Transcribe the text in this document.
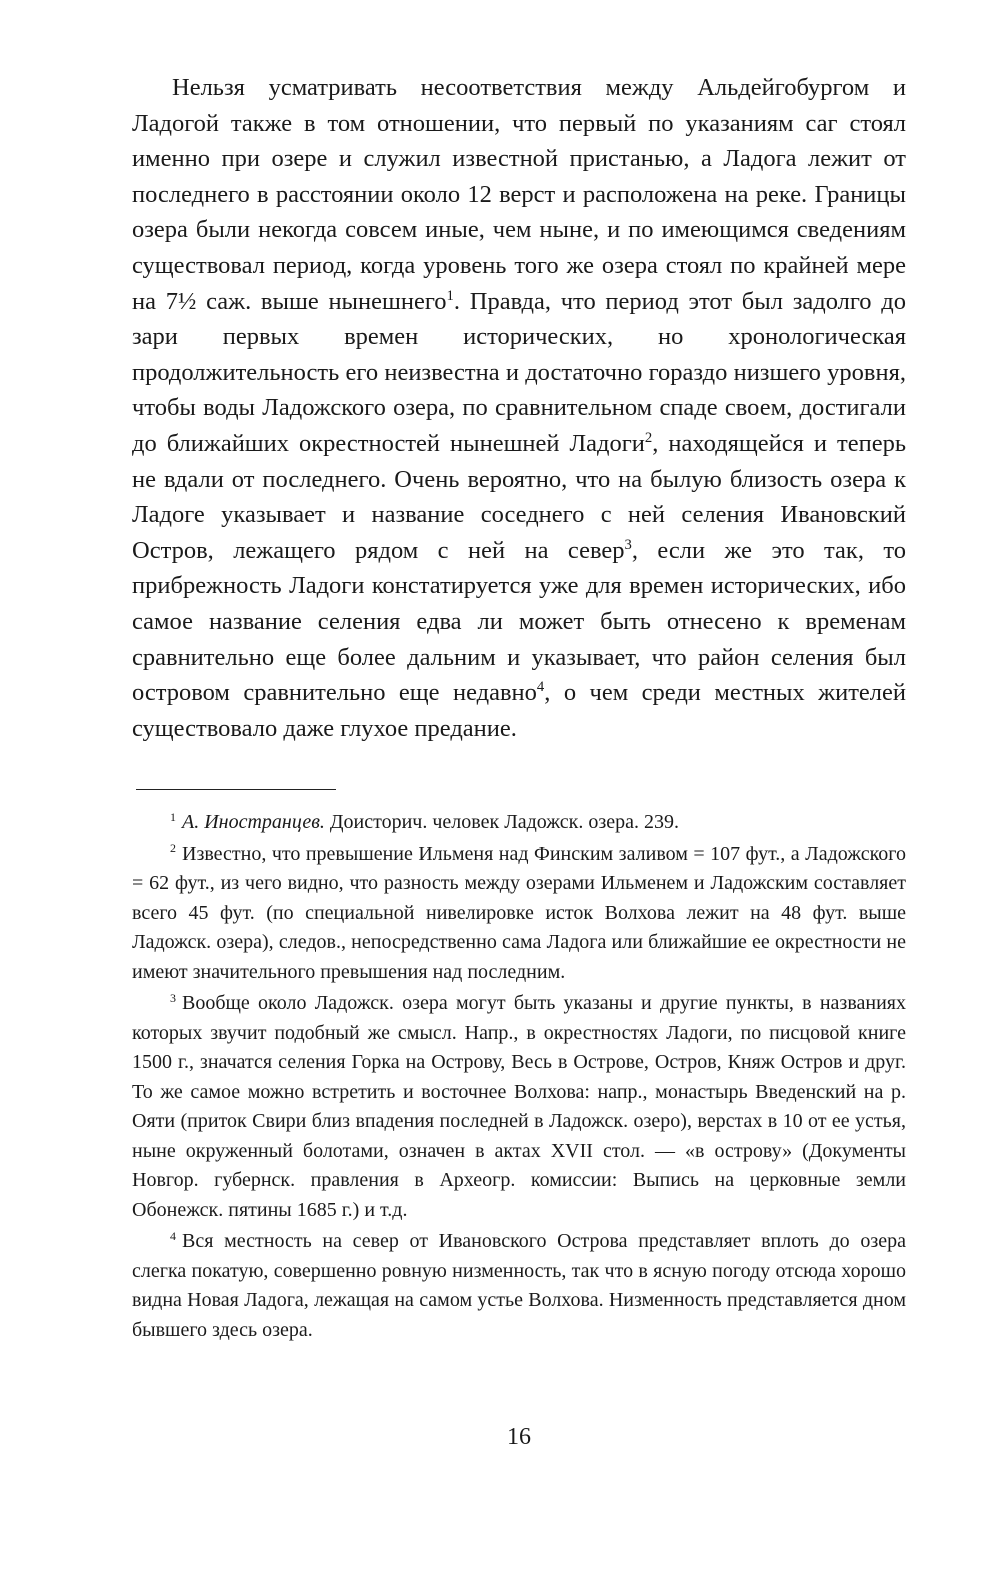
Нельзя усматривать несоответствия между Альдейгобургом и Ладогой также в том отношении, что первый по указаниям саг стоял именно при озере и служил известной пристанью, а Ладога лежит от последнего в расстоянии около 12 верст и расположена на реке. Границы озера были некогда совсем иные, чем ныне, и по имеющимся сведениям существовал период, когда уровень того же озера стоял по крайней мере на 7½ саж. выше нынешнего$^1$. Правда, что период этот был задолго до зари первых времен исторических, но хронологическая продолжительность его неизвестна и достаточно гораздо низшего уровня, чтобы воды Ладожского озера, по сравнительном спаде своем, достигали до ближайших окрестностей нынешней Ладоги$^2$, находящейся и теперь не вдали от последнего. Очень вероятно, что на былую близость озера к Ладоге указывает и название соседнего с ней селения Ивановский Остров, лежащего рядом с ней на север$^3$, если же это так, то прибрежность Ладоги констатируется уже для времен исторических, ибо самое название селения едва ли может быть отнесено к временам сравнительно еще более дальним и указывает, что район селения был островом сравнительно еще недавно$^4$, о чем среди местных жителей существовало даже глухое предание.

$^1$ А. Иностранцев. Доисторич. человек Ладожск. озера. 239.

$^2$ Известно, что превышение Ильменя над Финским заливом = 107 фут., а Ладожского = 62 фут., из чего видно, что разность между озерами Ильменем и Ладожским составляет всего 45 фут. (по специальной нивелировке исток Волхова лежит на 48 фут. выше Ладожск. озера), следов., непосредственно сама Ладога или ближайшие ее окрестности не имеют значительного превышения над последним.

$^3$ Вообще около Ладожск. озера могут быть указаны и другие пункты, в названиях которых звучит подобный же смысл. Напр., в окрестностях Ладоги, по писцовой книге 1500 г., значатся селения Горка на Острову, Весь в Острове, Остров, Княж Остров и друг. То же самое можно встретить и восточнее Волхова: напр., монастырь Введенский на р. Ояти (приток Свири близ впадения последней в Ладожск. озеро), верстах в 10 от ее устья, ныне окруженный болотами, означен в актах XVII стол. — «в острову» (Документы Новгор. губернск. правления в Археогр. комиссии: Выпись на церковные земли Обонежск. пятины 1685 г.) и т.д.

$^4$ Вся местность на север от Ивановского Острова представляет вплоть до озера слегка покатую, совершенно ровную низменность, так что в ясную погоду отсюда хорошо видна Новая Ладога, лежащая на самом устье Волхова. Низменность представляется дном бывшего здесь озера.

16
